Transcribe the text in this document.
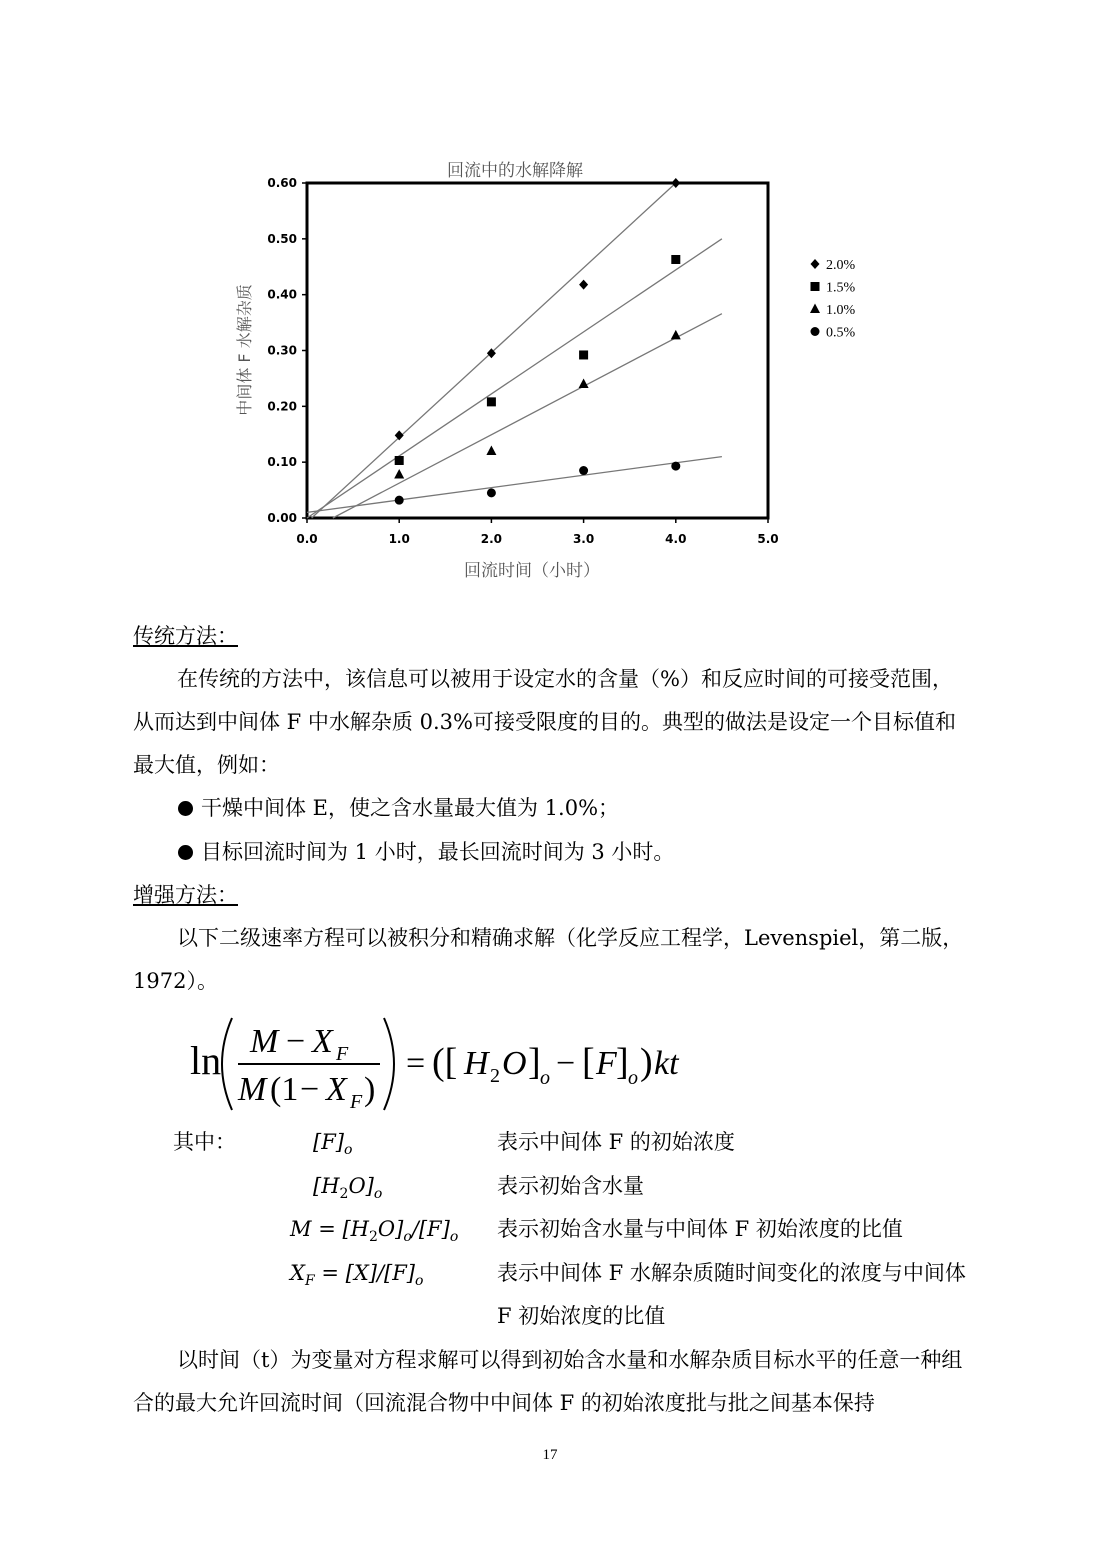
回流中的水解降解
中间体 F 水解杂质
回流时间（小时）
0.00
0.10
0.20
0.30
0.40
0.50
0.60
0.0	1.0	2.0	3.0	4.0	5.0
2.0%
1.5%
1.0%
0.5%
传统方法：
在传统的方法中，该信息可以被用于设定水的含量（%）和反应时间的可接受范围，从而达到中间体 F 中水解杂质 0.3%可接受限度的目的。典型的做法是设定一个目标值和最大值，例如：
干燥中间体 E，使之含水量最大值为 1.0%；
目标回流时间为 1 小时，最长回流时间为 3 小时。
增强方法：
以下二级速率方程可以被积分和精确求解（化学反应工程学，Levenspiel，第二版，1972）。
ln M − X F
M (1 − X F )
= ([ H 2 O ] o − [ F ] o ) kt
其中：	$[F]_o$	表示中间体 F 的初始浓度
$[H_2O]_o$	表示初始含水量
$M = [H_2O]_o/[F]_o$ 表示初始含水量与中间体 F 初始浓度的比值
$X_F = [X]/[F]_o$	表示中间体 F 水解杂质随时间变化的浓度与中间体 F 初始浓度的比值
以时间（t）为变量对方程求解可以得到初始含水量和水解杂质目标水平的任意一种组合的最大允许回流时间（回流混合物中中间体 F 的初始浓度批与批之间基本保持
17
